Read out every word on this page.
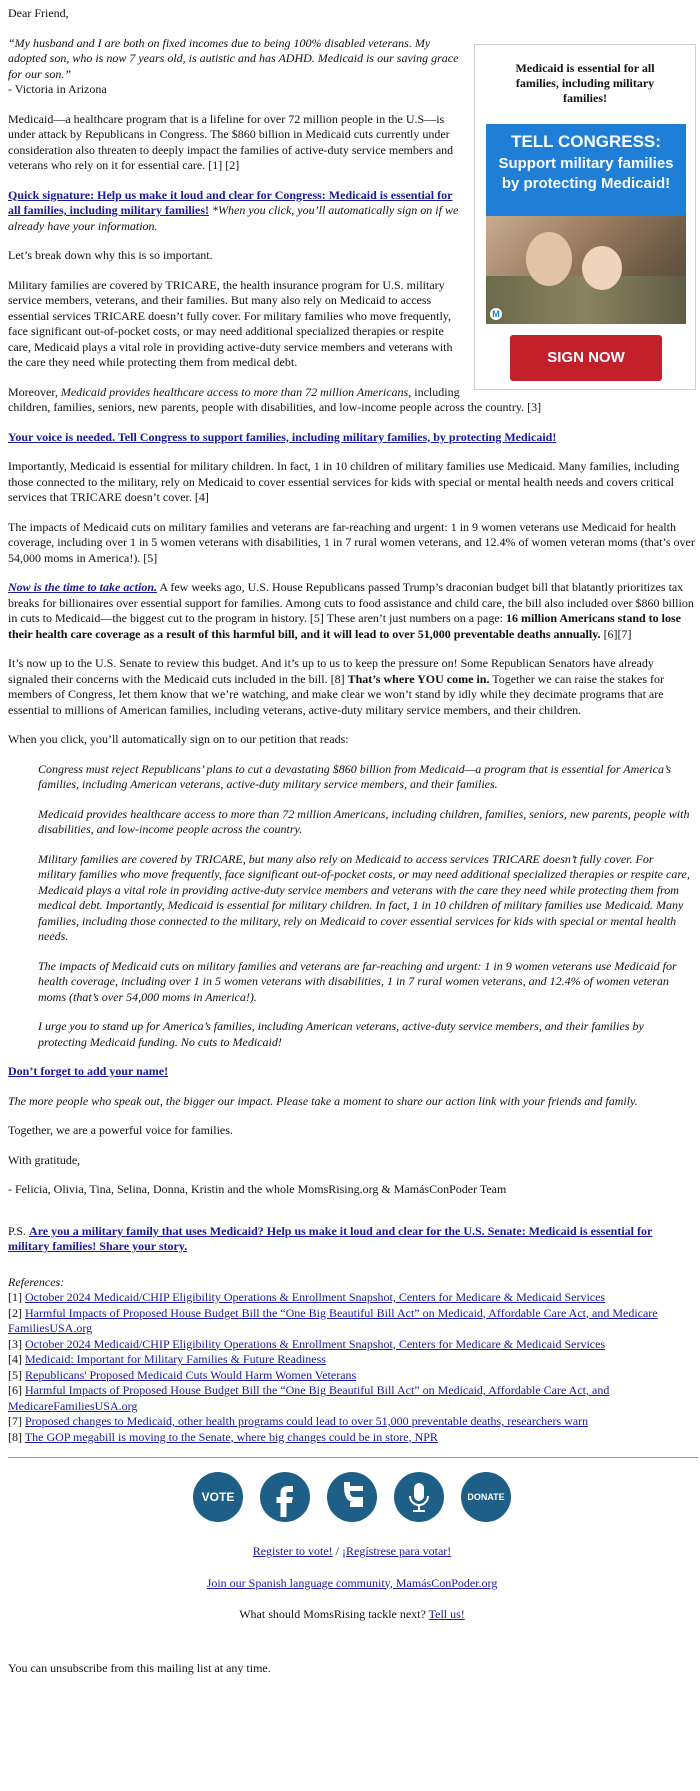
Dear Friend,

Medicaid is essential for all families, including military families!
TELL CONGRESS:
Support military families by protecting Medicaid!
M
SIGN NOW

“My husband and I are both on fixed incomes due to being 100% disabled veterans. My adopted son, who is now 7 years old, is autistic and has ADHD. Medicaid is our saving grace for our son.”
- Victoria in Arizona

Medicaid—a healthcare program that is a lifeline for over 72 million people in the U.S—is under attack by Republicans in Congress. The $860 billion in Medicaid cuts currently under consideration also threaten to deeply impact the families of active-duty service members and veterans who rely on it for essential care. [1] [2]

Quick signature: Help us make it loud and clear for Congress: Medicaid is essential for all families, including military families! *When you click, you’ll automatically sign on if we already have your information.

Let’s break down why this is so important.

Military families are covered by TRICARE, the health insurance program for U.S. military service members, veterans, and their families. But many also rely on Medicaid to access essential services TRICARE doesn’t fully cover. For military families who move frequently, face significant out-of-pocket costs, or may need additional specialized therapies or respite care, Medicaid plays a vital role in providing active-duty service members and veterans with the care they need while protecting them from medical debt.

Moreover, Medicaid provides healthcare access to more than 72 million Americans, including children, families, seniors, new parents, people with disabilities, and low-income people across the country. [3]

Your voice is needed. Tell Congress to support families, including military families, by protecting Medicaid!

Importantly, Medicaid is essential for military children. In fact, 1 in 10 children of military families use Medicaid. Many families, including those connected to the military, rely on Medicaid to cover essential services for kids with special or mental health needs and covers critical services that TRICARE doesn’t cover. [4]

The impacts of Medicaid cuts on military families and veterans are far-reaching and urgent: 1 in 9 women veterans use Medicaid for health coverage, including over 1 in 5 women veterans with disabilities, 1 in 7 rural women veterans, and 12.4% of women veteran moms (that’s over 54,000 moms in America!). [5]

Now is the time to take action. A few weeks ago, U.S. House Republicans passed Trump’s draconian budget bill that blatantly prioritizes tax breaks for billionaires over essential support for families. Among cuts to food assistance and child care, the bill also included over $860 billion in cuts to Medicaid—the biggest cut to the program in history. [5] These aren’t just numbers on a page: 16 million Americans stand to lose their health care coverage as a result of this harmful bill, and it will lead to over 51,000 preventable deaths annually. [6][7]

It’s now up to the U.S. Senate to review this budget. And it’s up to us to keep the pressure on! Some Republican Senators have already signaled their concerns with the Medicaid cuts included in the bill. [8] That’s where YOU come in. Together we can raise the stakes for members of Congress, let them know that we’re watching, and make clear we won’t stand by idly while they decimate programs that are essential to millions of American families, including veterans, active-duty military service members, and their children.

When you click, you’ll automatically sign on to our petition that reads:

Congress must reject Republicans’ plans to cut a devastating $860 billion from Medicaid—a program that is essential for America’s families, including American veterans, active-duty military service members, and their families.

Medicaid provides healthcare access to more than 72 million Americans, including children, families, seniors, new parents, people with disabilities, and low-income people across the country.

Military families are covered by TRICARE, but many also rely on Medicaid to access services TRICARE doesn’t fully cover. For military families who move frequently, face significant out-of-pocket costs, or may need additional specialized therapies or respite care, Medicaid plays a vital role in providing active-duty service members and veterans with the care they need while protecting them from medical debt. Importantly, Medicaid is essential for military children. In fact, 1 in 10 children of military families use Medicaid. Many families, including those connected to the military, rely on Medicaid to cover essential services for kids with special or mental health needs.

The impacts of Medicaid cuts on military families and veterans are far-reaching and urgent: 1 in 9 women veterans use Medicaid for health coverage, including over 1 in 5 women veterans with disabilities, 1 in 7 rural women veterans, and 12.4% of women veteran moms (that’s over 54,000 moms in America!).

I urge you to stand up for America’s families, including American veterans, active-duty service members, and their families by protecting Medicaid funding. No cuts to Medicaid!

Don’t forget to add your name!

The more people who speak out, the bigger our impact. Please take a moment to share our action link with your friends and family.

Together, we are a powerful voice for families.

With gratitude,

- Felicia, Olivia, Tina, Selina, Donna, Kristin and the whole MomsRising.org & MamásConPoder Team

P.S. Are you a military family that uses Medicaid? Help us make it loud and clear for the U.S. Senate: Medicaid is essential for military families! Share your story.

References:
[1] October 2024 Medicaid/CHIP Eligibility Operations & Enrollment Snapshot, Centers for Medicare & Medicaid Services
[2] Harmful Impacts of Proposed House Budget Bill the “One Big Beautiful Bill Act” on Medicaid, Affordable Care Act, and Medicare FamiliesUSA.org
[3] October 2024 Medicaid/CHIP Eligibility Operations & Enrollment Snapshot, Centers for Medicare & Medicaid Services
[4] Medicaid: Important for Military Families & Future Readiness
[5] Republicans' Proposed Medicaid Cuts Would Harm Women Veterans
[6] Harmful Impacts of Proposed House Budget Bill the “One Big Beautiful Bill Act” on Medicaid, Affordable Care Act, and MedicareFamiliesUSA.org
[7] Proposed changes to Medicaid, other health programs could lead to over 51,000 preventable deaths, researchers warn
[8] The GOP megabill is moving to the Senate, where big changes could be in store, NPR
VOTE

	DONATE
Register to vote! / ¡Regístrese para votar!
Join our Spanish language community, MamásConPoder.org
What should MomsRising tackle next? Tell us!
You can unsubscribe from this mailing list at any time.
